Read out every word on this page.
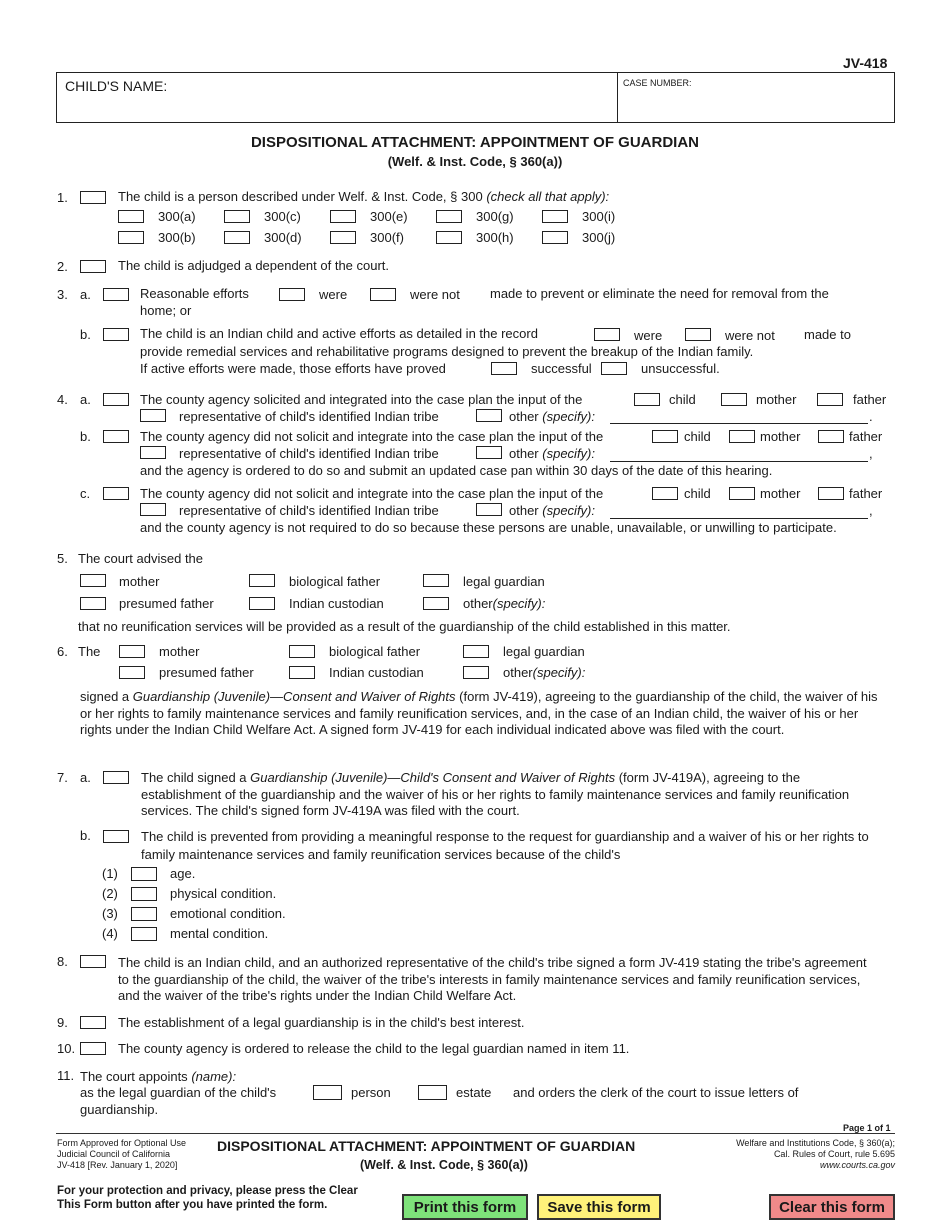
JV-418
CHILD'S NAME:	CASE NUMBER:
DISPOSITIONAL ATTACHMENT: APPOINTMENT OF GUARDIAN
(Welf. & Inst. Code, § 360(a))
1.	The child is a person described under Welf. & Inst. Code, § 300 (check all that apply):
300(a)	300(c)	300(e)	300(g)	300(i)
300(b)	300(d)	300(f)	300(h)	300(j)
2.	The child is adjudged a dependent of the court.
3. a.	Reasonable efforts	were	were not made to prevent or eliminate the need for removal from the
home; or
b.	The child is an Indian child and active efforts as detailed in the record	were	were not made to
provide remedial services and rehabilitative programs designed to prevent the breakup of the Indian family.
If active efforts were made, those efforts have proved	successful	unsuccessful.
4. a.	The county agency solicited and integrated into the case plan the input of the	child	mother	father
representative of child's identified Indian tribe	other (specify):	.
b.	The county agency did not solicit and integrate into the case plan the input of the	child	mother	father
representative of child's identified Indian tribe	other (specify):	,
and the agency is ordered to do so and submit an updated case pan within 30 days of the date of this hearing.
c.	The county agency did not solicit and integrate into the case plan the input of the	child	mother	father
representative of child's identified Indian tribe	other (specify):	,
and the county agency is not required to do so because these persons are unable, unavailable, or unwilling to participate.
5. The court advised the
mother	biological father	legal guardian
presumed father	Indian custodian	other(specify):
that no reunification services will be provided as a result of the guardianship of the child established in this matter.
6. The	mother	biological father	legal guardian
presumed father	Indian custodian	other(specify):
signed a Guardianship (Juvenile)—Consent and Waiver of Rights (form JV-419), agreeing to the guardianship of the child, the waiver of his or her rights to family maintenance services and family reunification services, and, in the case of an Indian child, the waiver of his or her rights under the Indian Child Welfare Act. A signed form JV-419 for each individual indicated above was filed with the court.
7. a.	The child signed a Guardianship (Juvenile)—Child's Consent and Waiver of Rights (form JV-419A), agreeing to the establishment of the guardianship and the waiver of his or her rights to family maintenance services and family reunification services. The child's signed form JV-419A was filed with the court.
b.	The child is prevented from providing a meaningful response to the request for guardianship and a waiver of his or her rights to family maintenance services and family reunification services because of the child's
(1)	age.
(2)	physical condition.
(3)	emotional condition.
(4)	mental condition.
8.	The child is an Indian child, and an authorized representative of the child's tribe signed a form JV-419 stating the tribe's agreement to the guardianship of the child, the waiver of the tribe's interests in family maintenance services and family reunification services, and the waiver of the tribe's rights under the Indian Child Welfare Act.
9.	The establishment of a legal guardianship is in the child's best interest.
10.	The county agency is ordered to release the child to the legal guardian named in item 11.
11. The court appoints (name):
as the legal guardian of the child's	person	estate and orders the clerk of the court to issue letters of
guardianship.
Page 1 of 1
Form Approved for Optional Use
Judicial Council of California
JV-418 [Rev. January 1, 2020]
DISPOSITIONAL ATTACHMENT: APPOINTMENT OF GUARDIAN
(Welf. & Inst. Code, § 360(a))
Welfare and Institutions Code, § 360(a);
Cal. Rules of Court, rule 5.695
www.courts.ca.gov
For your protection and privacy, please press the Clear
This Form button after you have printed the form.	Print this form	Save this form	Clear this form
